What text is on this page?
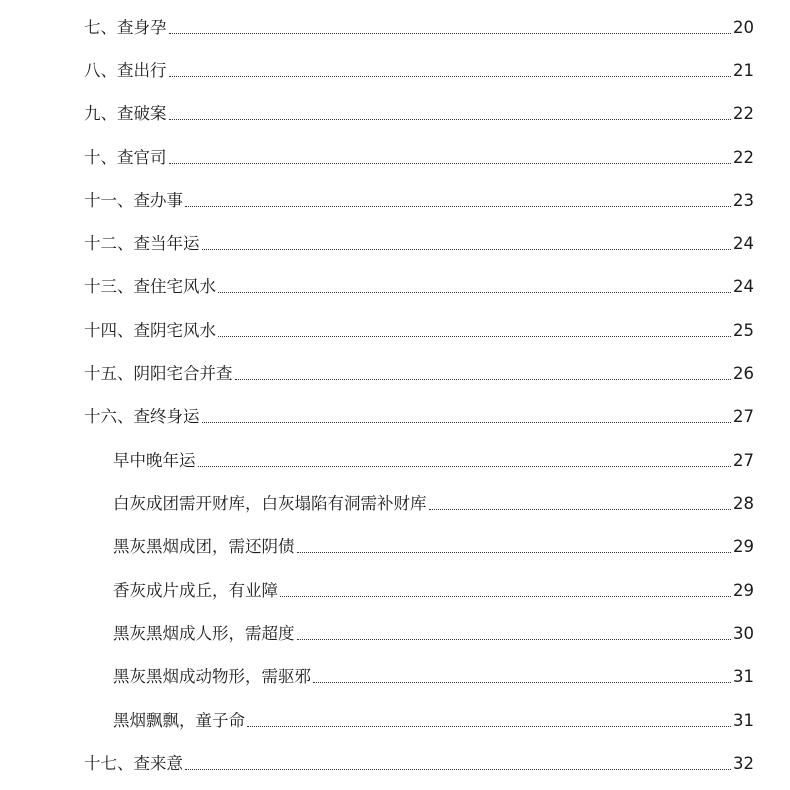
七、查身孕	20
八、查出行	21
九、查破案	22
十、查官司	22
十一、查办事	23
十二、查当年运	24
十三、查住宅风水	24
十四、查阴宅风水	25
十五、阴阳宅合并查	26
十六、查终身运	27
早中晚年运	27
白灰成团需开财库，白灰塌陷有洞需补财库	28
黑灰黑烟成团，需还阴债	29
香灰成片成丘，有业障	29
黑灰黑烟成人形，需超度	30
黑灰黑烟成动物形，需驱邪	31
黑烟飘飘，童子命	31
十七、查来意	32
